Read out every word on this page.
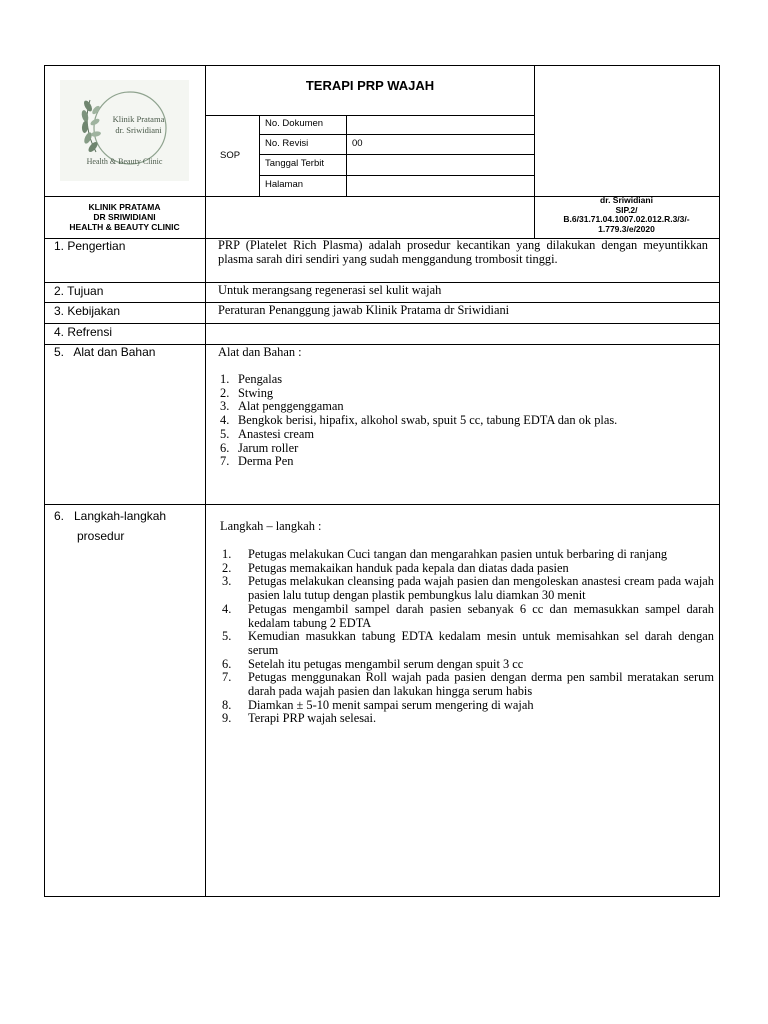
Klinik Pratama
dr. Sriwidiani
Health & Beauty Clinic
TERAPI PRP WAJAH
SOP
No. Dokumen
No. Revisi	00
Tanggal Terbit
Halaman
KLINIK PRATAMA
DR SRIWIDIANI
HEALTH & BEAUTY CLINIC
dr. Sriwidiani
SIP.2/
B.6/31.71.04.1007.02.012.R.3/3/-
1.779.3/e/2020
1. Pengertian	PRP (Platelet Rich Plasma) adalah prosedur kecantikan yang dilakukan dengan meyuntikkan plasma sarah diri sendiri yang sudah menggandung trombosit tinggi.
2. Tujuan	Untuk merangsang regenerasi sel kulit wajah
3. Kebijakan	Peraturan Penanggung jawab Klinik Pratama dr Sriwidiani
4. Refrensi
5.   Alat dan Bahan	Alat dan Bahan :
1. Pengalas
2. Stwing
3. Alat penggenggaman
4. Bengkok berisi, hipafix, alkohol swab, spuit 5 cc, tabung EDTA dan ok plas.
5. Anastesi cream
6. Jarum roller
7. Derma Pen
6.   Langkah-langkah
prosedur
Langkah – langkah :
1. Petugas melakukan Cuci tangan dan mengarahkan pasien untuk berbaring di ranjang
2. Petugas memakaikan handuk pada kepala dan diatas dada pasien
3. Petugas melakukan cleansing pada wajah pasien dan mengoleskan anastesi cream pada wajah pasien lalu tutup dengan plastik pembungkus lalu diamkan 30 menit
4. Petugas mengambil sampel darah pasien sebanyak 6 cc dan memasukkan sampel darah kedalam tabung 2 EDTA
5. Kemudian masukkan tabung EDTA kedalam mesin untuk memisahkan sel darah dengan serum
6. Setelah itu petugas mengambil serum dengan spuit 3 cc
7. Petugas menggunakan Roll wajah pada pasien dengan derma pen sambil meratakan serum darah pada wajah pasien dan lakukan hingga serum habis
8. Diamkan ± 5-10 menit sampai serum mengering di wajah
9. Terapi PRP wajah selesai.
